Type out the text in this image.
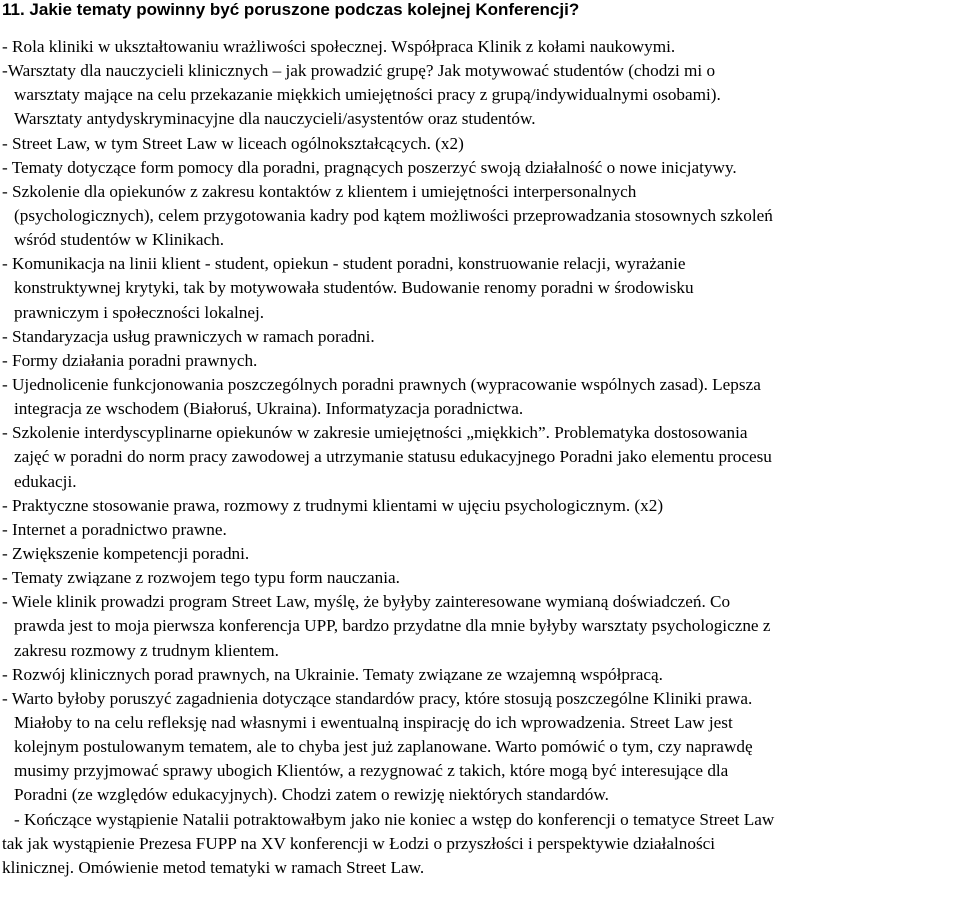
11. Jakie tematy powinny być poruszone podczas kolejnej Konferencji?
- Rola kliniki w ukształtowaniu wrażliwości społecznej. Współpraca Klinik z kołami naukowymi.
-Warsztaty dla nauczycieli klinicznych – jak prowadzić grupę? Jak motywować studentów (chodzi mi o
warsztaty mające na celu przekazanie miękkich umiejętności pracy z grupą/indywidualnymi osobami).
Warsztaty antydyskryminacyjne dla nauczycieli/asystentów oraz studentów.
- Street Law, w tym Street Law w liceach ogólnokształcących. (x2)
- Tematy dotyczące form pomocy dla poradni, pragnących poszerzyć swoją działalność o nowe inicjatywy.
- Szkolenie dla opiekunów z zakresu kontaktów z klientem i umiejętności interpersonalnych
(psychologicznych), celem przygotowania kadry pod kątem możliwości przeprowadzania stosownych szkoleń
wśród studentów w Klinikach.
- Komunikacja na linii klient - student, opiekun - student poradni, konstruowanie relacji, wyrażanie
konstruktywnej krytyki, tak by motywowała studentów. Budowanie renomy poradni w środowisku
prawniczym i społeczności lokalnej.
- Standaryzacja usług prawniczych w ramach poradni.
- Formy działania poradni prawnych.
- Ujednolicenie funkcjonowania poszczególnych poradni prawnych (wypracowanie wspólnych zasad). Lepsza
integracja ze wschodem (Białoruś, Ukraina). Informatyzacja poradnictwa.
- Szkolenie interdyscyplinarne opiekunów w zakresie umiejętności „miękkich”. Problematyka dostosowania
zajęć w poradni do norm pracy zawodowej a utrzymanie statusu edukacyjnego Poradni jako elementu procesu
edukacji.
- Praktyczne stosowanie prawa, rozmowy z trudnymi klientami w ujęciu psychologicznym. (x2)
- Internet a poradnictwo prawne.
- Zwiększenie kompetencji poradni.
- Tematy związane z rozwojem tego typu form nauczania.
- Wiele klinik prowadzi program Street Law, myślę, że byłyby zainteresowane wymianą doświadczeń. Co
prawda jest to moja pierwsza konferencja UPP, bardzo przydatne dla mnie byłyby warsztaty psychologiczne z
zakresu rozmowy z trudnym klientem.
- Rozwój klinicznych porad prawnych, na Ukrainie. Tematy związane ze wzajemną współpracą.
- Warto byłoby poruszyć zagadnienia dotyczące standardów pracy, które stosują poszczególne Kliniki prawa.
Miałoby to na celu refleksję nad własnymi i ewentualną inspirację do ich wprowadzenia. Street Law jest
kolejnym postulowanym tematem, ale to chyba jest już zaplanowane. Warto pomówić o tym, czy naprawdę
musimy przyjmować sprawy ubogich Klientów, a rezygnować z takich, które mogą być interesujące dla
Poradni (ze względów edukacyjnych). Chodzi zatem o rewizję niektórych standardów.
- Kończące wystąpienie Natalii potraktowałbym jako nie koniec a wstęp do konferencji o tematyce Street Law
tak jak wystąpienie Prezesa FUPP na XV konferencji w Łodzi o przyszłości i perspektywie działalności
klinicznej. Omówienie metod tematyki w ramach Street Law.
